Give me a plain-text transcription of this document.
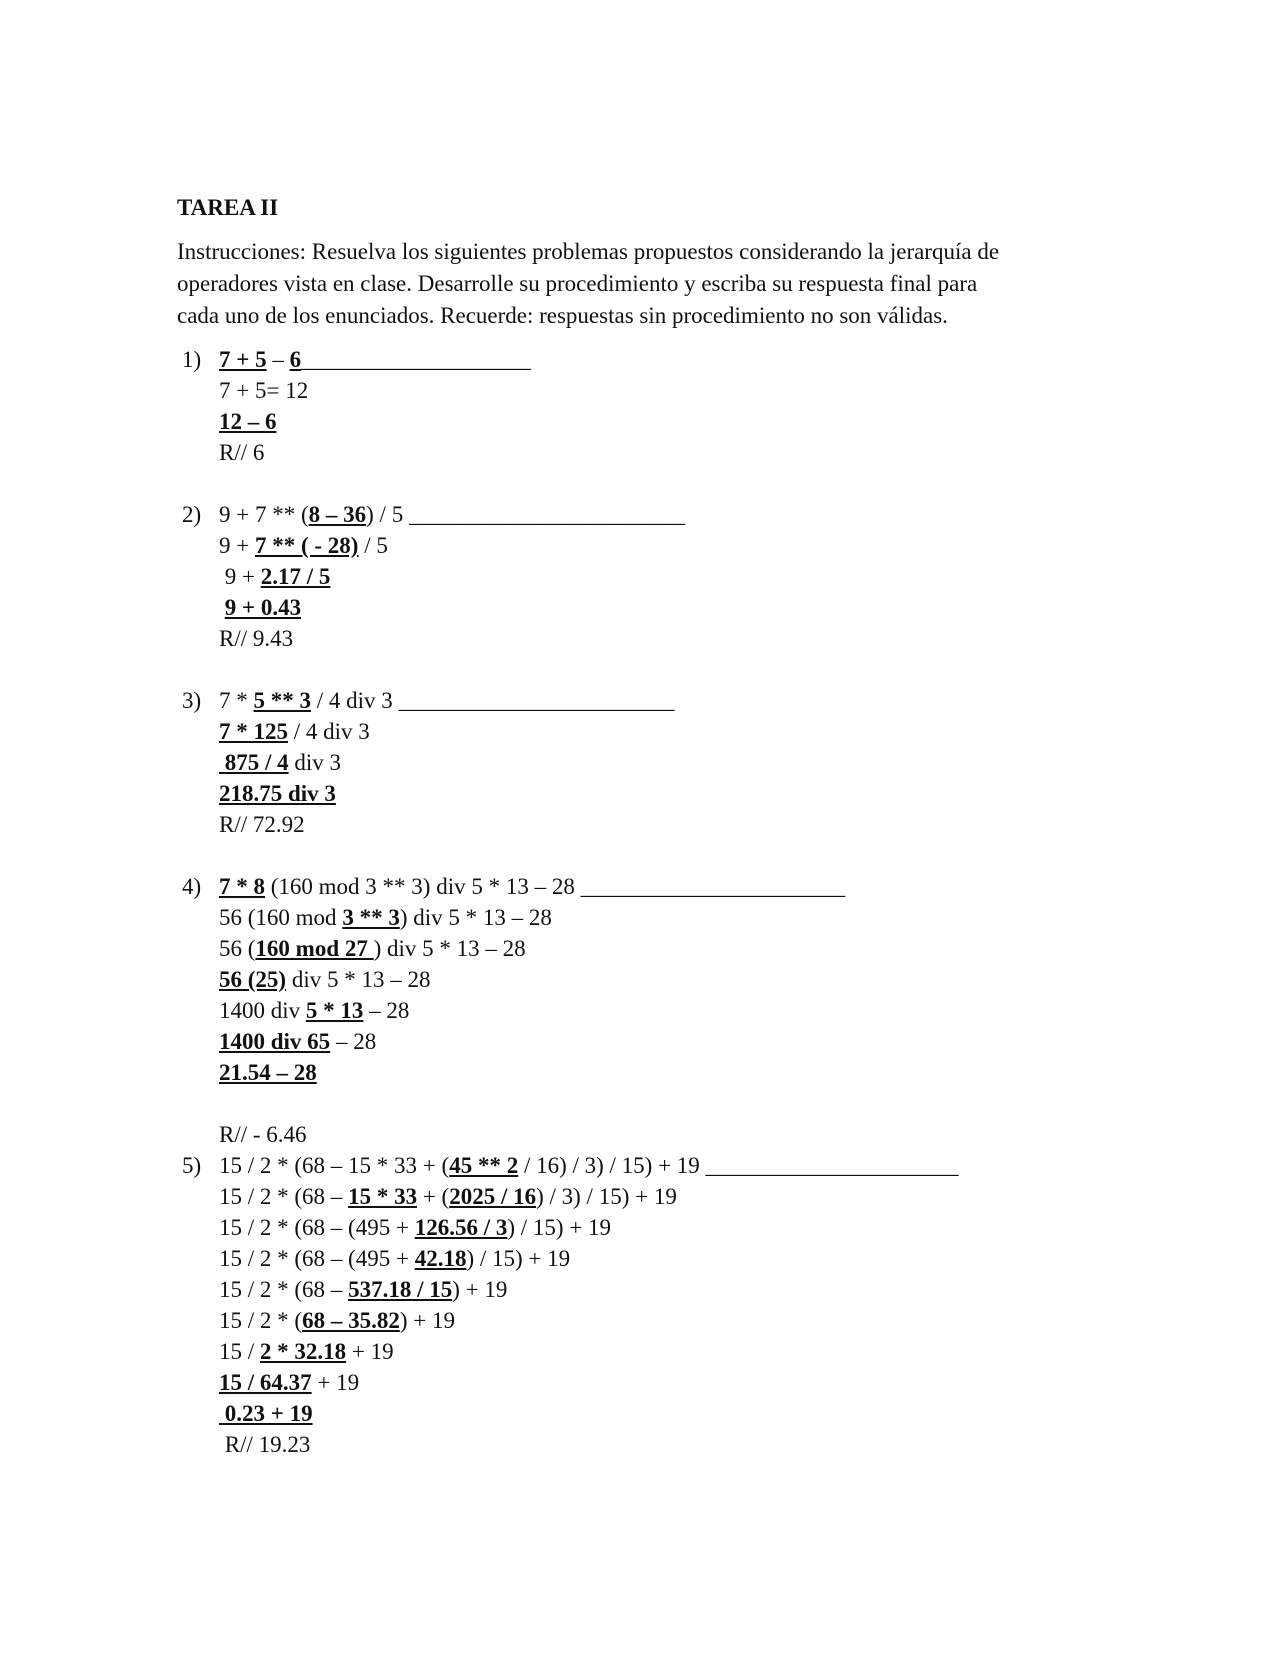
TAREA II
Instrucciones: Resuelva los siguientes problemas propuestos considerando la jerarquía de
operadores vista en clase. Desarrolle su procedimiento y escriba su respuesta final para
cada uno de los enunciados. Recuerde: respuestas sin procedimiento no son válidas.
1) 7 + 5 – 6____________________
7 + 5= 12
12 – 6
R// 6
2) 9 + 7 ** (8 – 36) / 5 ________________________
9 + 7 ** ( - 28) / 5
9 + 2.17 / 5
9 + 0.43
R// 9.43
3) 7 * 5 ** 3 / 4 div 3 ________________________
7 * 125 / 4 div 3
875 / 4 div 3
218.75 div 3
R// 72.92
4) 7 * 8 (160 mod 3 ** 3) div 5 * 13 – 28 _______________________
56 (160 mod 3 ** 3) div 5 * 13 – 28
56 (160 mod 27 ) div 5 * 13 – 28
56 (25) div 5 * 13 – 28
1400 div 5 * 13 – 28
1400 div 65 – 28
21.54 – 28
R// - 6.46
5) 15 / 2 * (68 – 15 * 33 + (45 ** 2 / 16) / 3) / 15) + 19 ______________________
15 / 2 * (68 – 15 * 33 + (2025 / 16) / 3) / 15) + 19
15 / 2 * (68 – (495 + 126.56 / 3) / 15) + 19
15 / 2 * (68 – (495 + 42.18) / 15) + 19
15 / 2 * (68 – 537.18 / 15) + 19
15 / 2 * (68 – 35.82) + 19
15 / 2 * 32.18 + 19
15 / 64.37 + 19
0.23 + 19
R// 19.23
